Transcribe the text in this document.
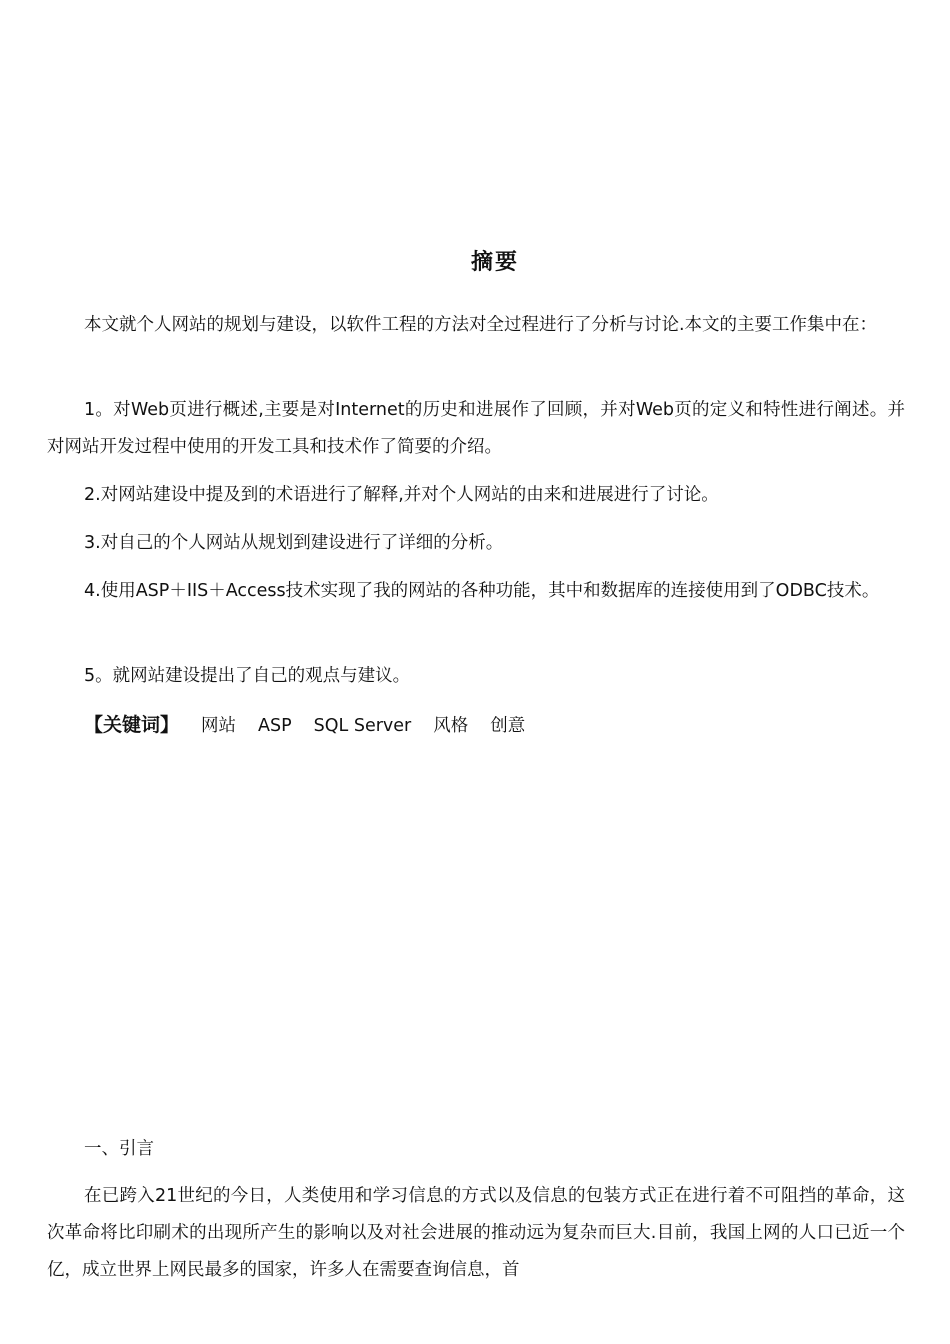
摘要

本文就个人网站的规划与建设，以软件工程的方法对全过程进行了分析与讨论.本文的主要工作集中在：

1。对Web页进行概述,主要是对Internet的历史和进展作了回顾，并对Web页的定义和特性进行阐述。并对网站开发过程中使用的开发工具和技术作了简要的介绍。

2.对网站建设中提及到的术语进行了解释,并对个人网站的由来和进展进行了讨论。

3.对自己的个人网站从规划到建设进行了详细的分析。

4.使用ASP＋IIS＋Access技术实现了我的网站的各种功能，其中和数据库的连接使用到了ODBC技术。

5。就网站建设提出了自己的观点与建议。

【关键词】 网站 ASP SQL Server 风格 创意
一、引言

在已跨入21世纪的今日，人类使用和学习信息的方式以及信息的包装方式正在进行着不可阻挡的革命，这次革命将比印刷术的出现所产生的影响以及对社会进展的推动远为复杂而巨大.目前，我国上网的人口已近一个亿，成立世界上网民最多的国家，许多人在需要查询信息，首
